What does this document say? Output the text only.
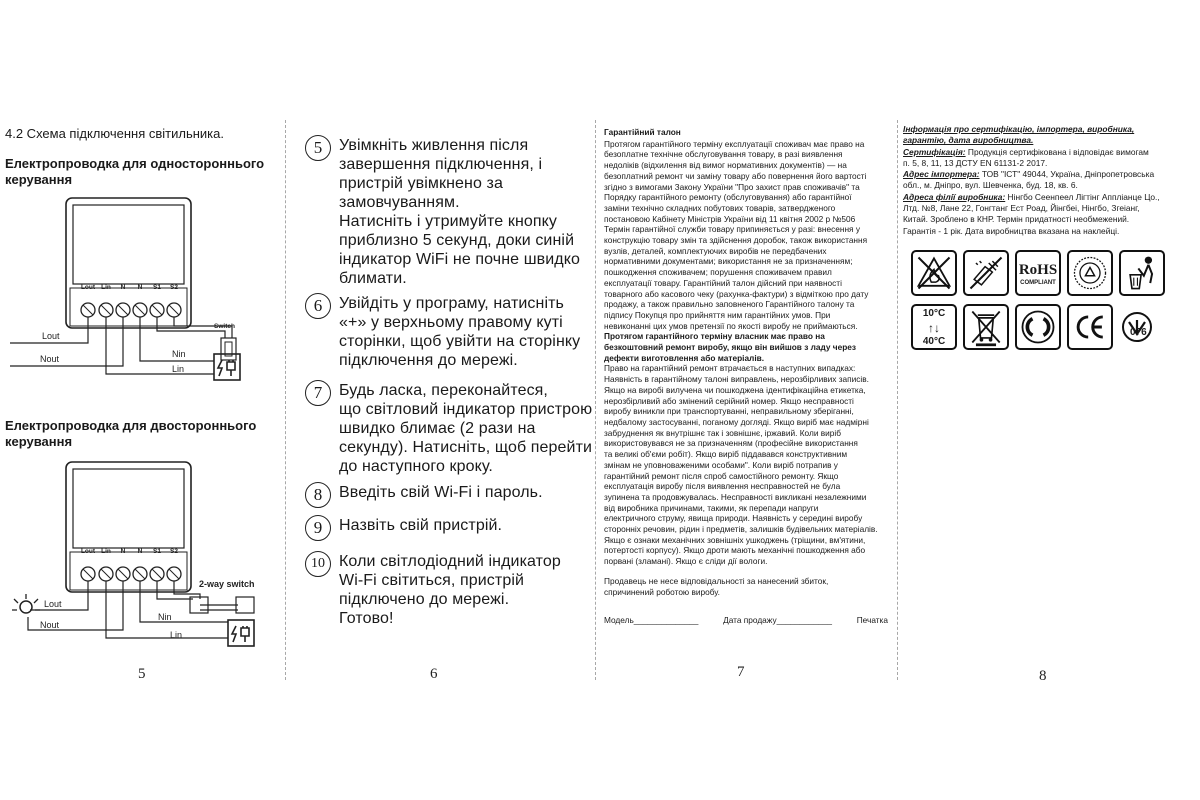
4.2 Схема підключення світильника.
Електропроводка для одностороннього керування
Lout Lin N N S1 S2
Switch
Lout
Nout	Nin
Lin
Електропроводка для двостороннього керування
Lout Lin N N S1 S2
2-way switch
Lout
Nout
Nin
Lin
5
5	Увімкніть живлення після
завершення підключення, і
пристрій увімкнено за
замовчуванням.
Натисніть і утримуйте кнопку
приблизно 5 секунд, доки синій
індикатор WiFi не почне швидко
блимати.
6	Увійдіть у програму, натисніть
«+» у верхньому правому куті
сторінки, щоб увійти на сторінку
підключення до мережі.
7	Будь ласка, переконайтеся,
що світловий індикатор пристрою
швидко блимає (2 рази на
секунду). Натисніть, щоб перейти
до наступного кроку.
8	Введіть свій Wi-Fi і пароль.
9	Назвіть свій пристрій.
10 Коли світлодіодний індикатор
Wi-Fi світиться, пристрій
підключено до мережі.
Готово!
6
Гарантійний талон
Протягом гарантійного терміну експлуатації споживач має право на
безоплатне технічне обслуговування товару, в разі виявлення
недоліків (відхилення від вимог нормативних документів) — на
безоплатний ремонт чи заміну товару або повернення його вартості
згідно з вимогами Закону України "Про захист прав споживачів" та
Порядку гарантійного ремонту (обслуговування) або гарантійної
заміни технічно складних побутових товарів, затвердженого
постановою Кабінету Міністрів України від 11 квітня 2002 р №506
Термін гарантійної служби товару припиняється у разі: внесення у
конструкцію товару змін та здійснення доробок, також використання
вузлів, деталей, комплектуючих виробів не передбачених
нормативними документами; використання не за призначенням;
пошкодження споживачем; порушення споживачем правил
експлуатації товару. Гарантійний талон дійсний при наявності
товарного або касового чеку (рахунка-фактури) з відміткою про дату
продажу, а також правильно заповненого Гарантійного талону та
підпису Покупця про прийняття ним гарантійних умов. При
невиконанні цих умов претензії по якості виробу не приймаються.
Протягом гарантійного терміну власник має право на
безкоштовний ремонт виробу, якщо він вийшов з ладу через
дефекти виготовлення або матеріалів.
Право на гарантійний ремонт втрачається в наступних випадках:
Наявність в гарантійному талоні виправлень, нерозбірливих записів.
Якщо на виробі вилучена чи пошкоджена ідентифікаційна етикетка,
нерозбірливий або змінений серійний номер. Якщо несправності
виробу виникли при транспортуванні, неправильному зберіганні,
недбалому застосуванні, поганому догляді. Якщо виріб має надмірні
забруднення як внутрішнє так і зовнішнє, іржавий. Коли виріб
використовувався не за призначенням (професійне використання
та великі об'єми робіт). Якщо виріб піддавався конструктивним
змінам не уповноваженими особами". Коли виріб потрапив у
гарантійний ремонт після спроб самостійного ремонту. Якщо
експлуатація виробу після виявлення несправностей не була
зупинена та продовжувалась. Несправності викликані незалежними
від виробника причинами, такими, як перепади напруги
електричного струму, явища природи. Наявність у середині виробу
сторонніх речовин, рідин і предметів, залишків будівельних матеріалів.
Якщо є ознаки механічних зовнішніх ушкоджень (тріщини, вм'ятини,
потертості корпусу). Якщо дроти мають механічні пошкодження або
порвані (зламані). Якщо є сліди дії вологи.
Продавець не несе відповідальності за нанесений збиток,
спричинений роботою виробу.
Модель______________	Дата продажу____________	Печатка
7
Інформація про сертифікацію, імпортера, виробника,
гарантію, дата виробництва.
Сертифікація: Продукція сертифікована і відповідає вимогам
п. 5, 8, 11, 13 ДСТУ EN 61131-2 2017.
Адрес імпортера: ТОВ "ІСТ" 49044, Україна, Дніпропетровська
обл., м. Дніпро, вул. Шевченка, буд. 18, кв. 6.
Адреса філії виробника: Нінгбо Сеенпеел Лігтінг Аппліанце Цо.,
Лтд. №8, Лане 22, Гонгтанг Ест Роад, Йінгбеі, Нінгбо, Згеіанг,
Китай. Зроблено в КНР. Термін придатності необмежений.
Гарантія - 1 рік. Дата виробництва вказана на наклейці.
RoHS
COMPLIANT
10°C
↑↓
40°C
076
8
